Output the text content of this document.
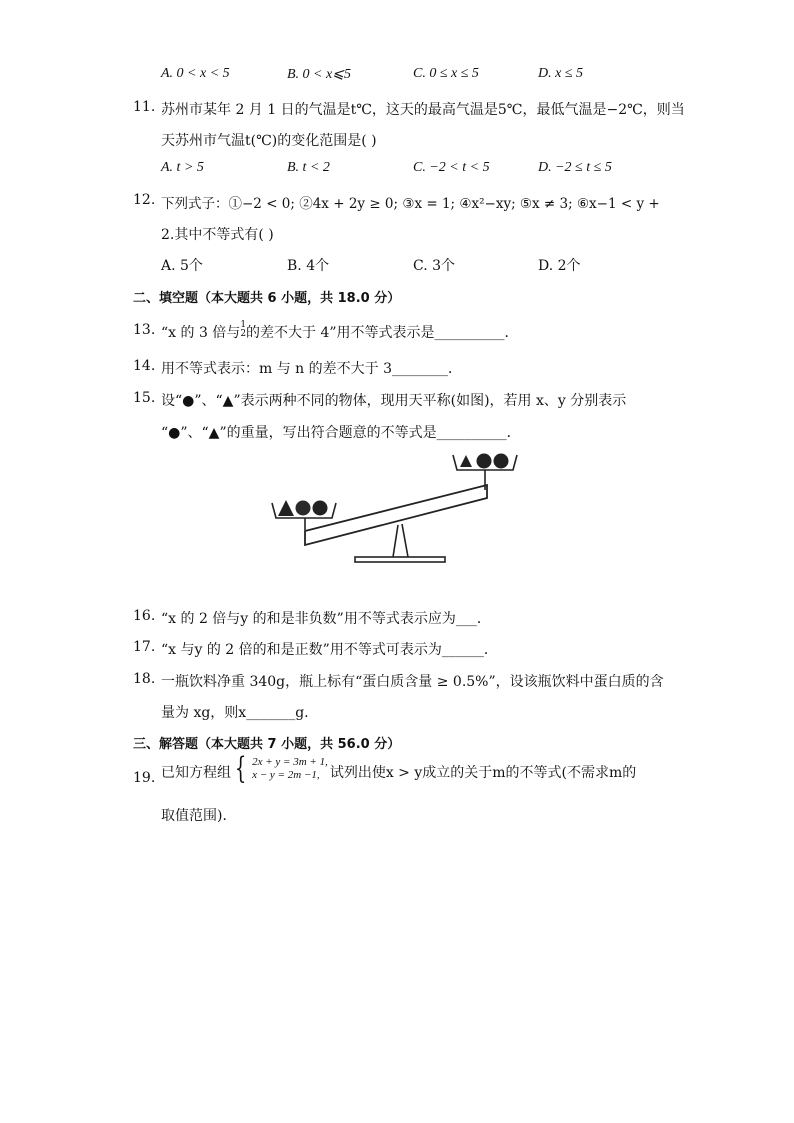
A. 0 < x < 5	B. 0 < x⩽5	C. 0 ≤ x ≤ 5	D. x ≤ 5
11. 苏州市某年 2 月 1 日的气温是t℃，这天的最高气温是5℃，最低气温是−2℃，则当
天苏州市气温t(℃)的变化范围是( )
A. t > 5	B. t < 2	C. −2 < t < 5	D. −2 ≤ t ≤ 5
12. 下列式子：①−2 < 0; ②4x + 2y ≥ 0; ③x = 1; ④x²−xy; ⑤x ≠ 3; ⑥x−1 < y +
2.其中不等式有( )
A. 5个	B. 4个	C. 3个	D. 2个
二、填空题（本大题共 6 小题，共 18.0 分）
13. “x 的 3 倍与1
2的差不大于 4”用不等式表示是__________．
14. 用不等式表示：m 与 n 的差不大于 3________．
15. 设“●”、“▲”表示两种不同的物体，现用天平称(如图)，若用 x、y 分别表示
“●”、“▲”的重量，写出符合题意的不等式是__________．
16. “x 的 2 倍与y 的和是非负数”用不等式表示应为___．
17. “x 与y 的 2 倍的和是正数”用不等式可表示为______．
18. 一瓶饮料净重 340g，瓶上标有“蛋白质含量 ≥ 0.5%”，设该瓶饮料中蛋白质的含
量为 xg，则x_______g.
三、解答题（本大题共 7 小题，共 56.0 分）
19. 已知方程组 { 2x + y = 3m + 1,
x − y = 2m −1, 试列出使x > y成立的关于m的不等式(不需求m的
取值范围)．
